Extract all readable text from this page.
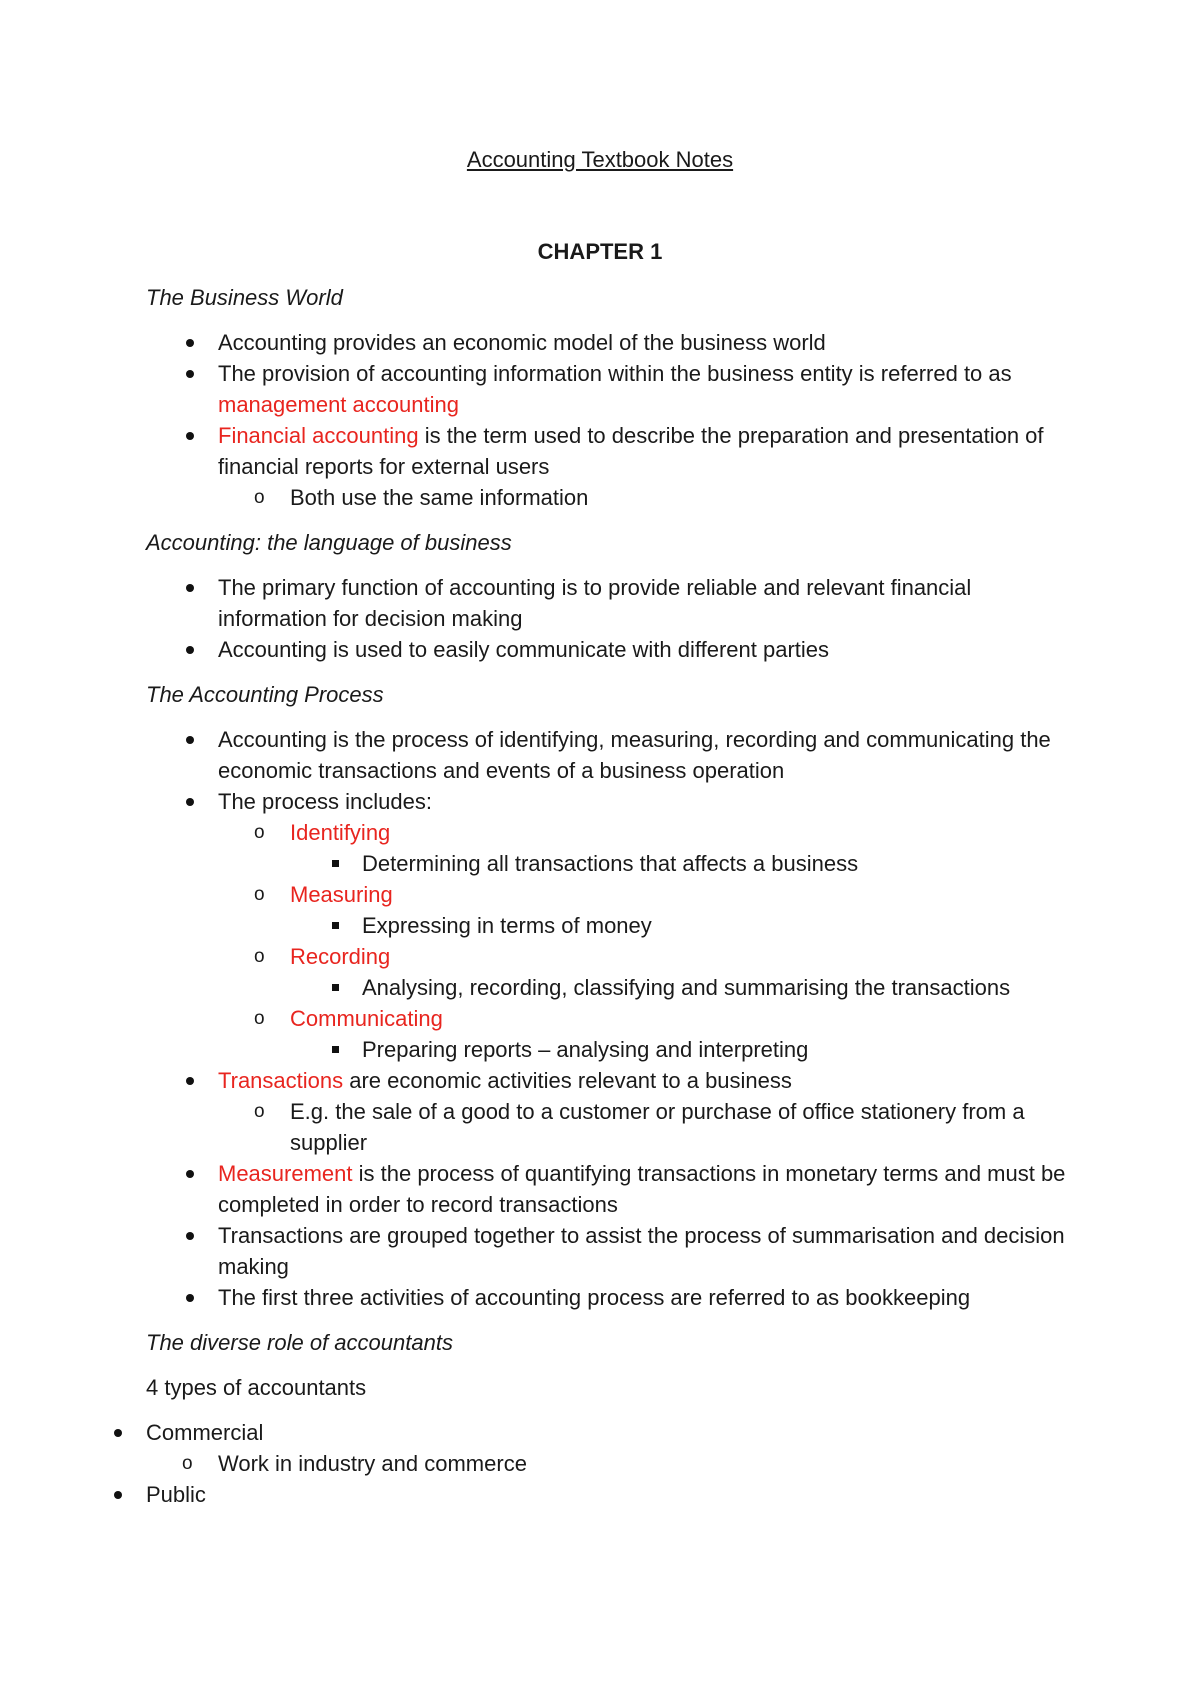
Accounting Textbook Notes
CHAPTER 1
The Business World
Accounting provides an economic model of the business world
The provision of accounting information within the business entity is referred to as management accounting
Financial accounting is the term used to describe the preparation and presentation of financial reports for external users
o Both use the same information
Accounting: the language of business
The primary function of accounting is to provide reliable and relevant financial information for decision making
Accounting is used to easily communicate with different parties
The Accounting Process
Accounting is the process of identifying, measuring, recording and communicating the economic transactions and events of a business operation
The process includes:
o Identifying
Determining all transactions that affects a business
o Measuring
Expressing in terms of money
o Recording
Analysing, recording, classifying and summarising the transactions
o Communicating
Preparing reports – analysing and interpreting
Transactions are economic activities relevant to a business
o E.g. the sale of a good to a customer or purchase of office stationery from a supplier
Measurement is the process of quantifying transactions in monetary terms and must be completed in order to record transactions
Transactions are grouped together to assist the process of summarisation and decision making
The first three activities of accounting process are referred to as bookkeeping
The diverse role of accountants
4 types of accountants
Commercial
o Work in industry and commerce
Public
